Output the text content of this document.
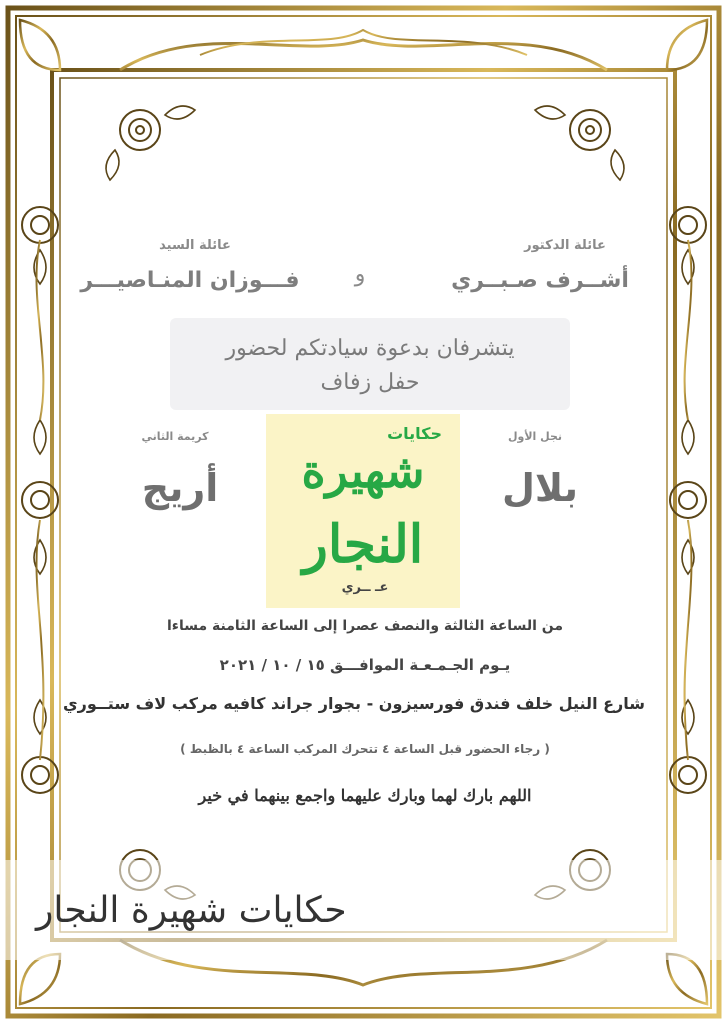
عائلة الدكتور
أشــرف صـبــري
عائلة السيد
فـــوزان المنـاصيـــر	و
يتشرفان بدعوة سيادتكم لحضور
حفل زفاف
نجل الأول
بلال
كريمة الثاني
أريج
حكايات
شهيرة
النجار
عـ ــري
من الساعة الثالثة والنصف عصرا إلى الساعة الثامنة مساءا
يـوم الجـمـعـة الموافـــق ١٥ / ١٠ / ٢٠٢١
شارع النيل خلف فندق فورسيزون - بجوار جراند كافيه مركب لاف ستــوري
( رجاء الحضور قبل الساعة ٤ تتحرك المركب الساعة ٤ بالظبط )
اللهم بارك لهما وبارك عليهما واجمع بينهما في خير
حكايات شهيرة النجار
